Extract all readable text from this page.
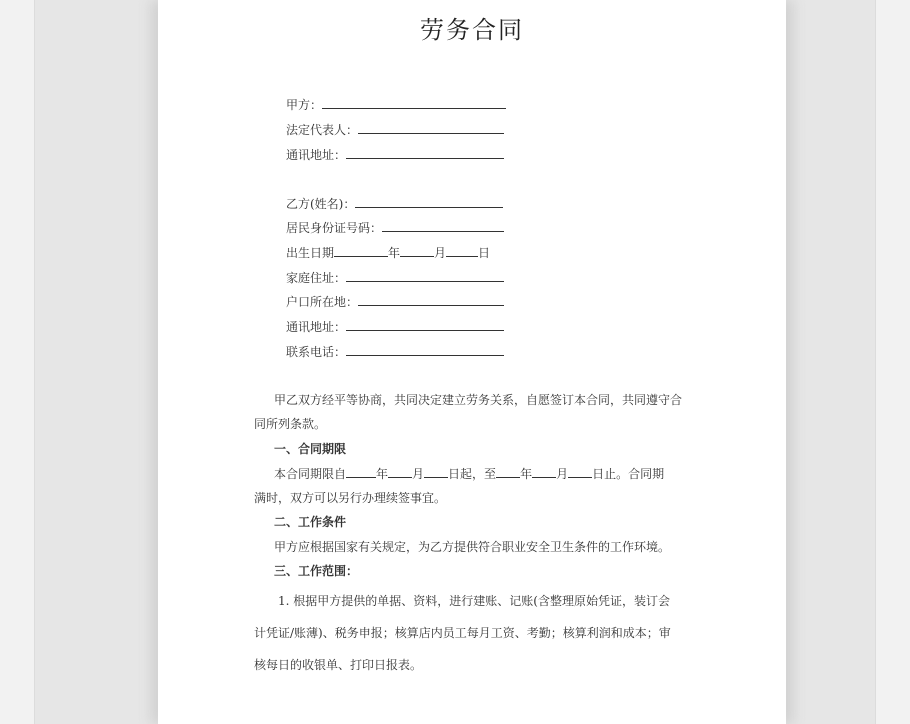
劳务合同
甲方：
法定代表人：
通讯地址：
乙方(姓名)：
居民身份证号码：
出生日期	年	月	日
家庭住址：
户口所在地：
通讯地址：
联系电话：
甲乙双方经平等协商，共同决定建立劳务关系，自愿签订本合同，共同遵守合
同所列条款。
一、合同期限
本合同期限自	年 月 日起，至 年 月 日止。合同期
满时，双方可以另行办理续签事宜。
二、工作条件
甲方应根据国家有关规定，为乙方提供符合职业安全卫生条件的工作环境。
三、工作范围：
1. 根据甲方提供的单据、资料，进行建账、记账(含整理原始凭证，装订会
计凭证/账薄)、税务申报；核算店内员工每月工资、考勤；核算利润和成本；审
核每日的收银单、打印日报表。
